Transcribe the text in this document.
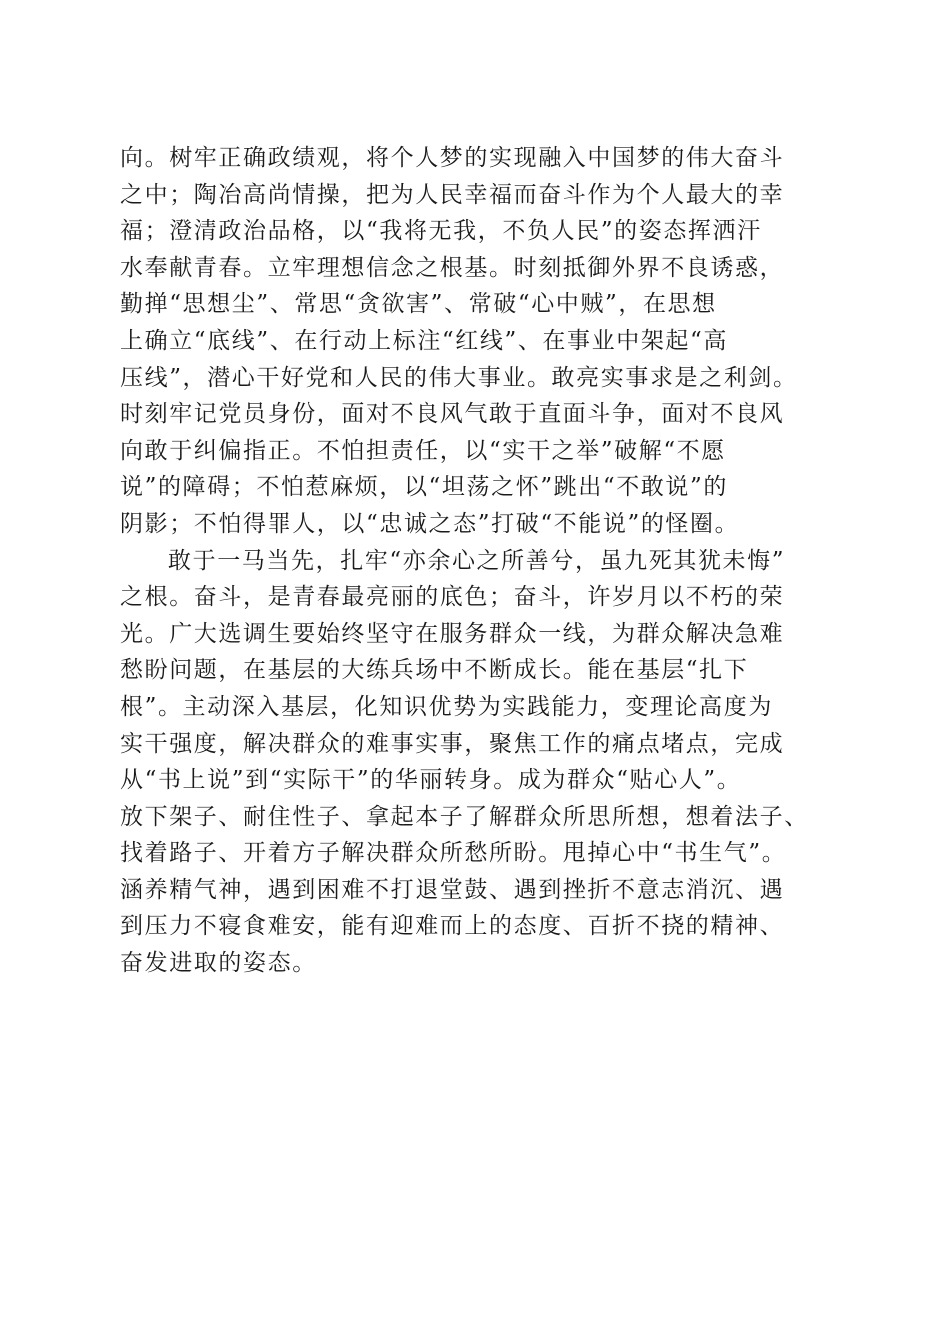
向。树牢正确政绩观，将个人梦的实现融入中国梦的伟大奋斗
之中；陶冶高尚情操，把为人民幸福而奋斗作为个人最大的幸
福；澄清政治品格，以“我将无我，不负人民”的姿态挥洒汗
水奉献青春。立牢理想信念之根基。时刻抵御外界不良诱惑，
勤掸“思想尘”、常思“贪欲害”、常破“心中贼”，在思想
上确立“底线”、在行动上标注“红线”、在事业中架起“高
压线”，潜心干好党和人民的伟大事业。敢亮实事求是之利剑。
时刻牢记党员身份，面对不良风气敢于直面斗争，面对不良风
向敢于纠偏指正。不怕担责任，以“实干之举”破解“不愿
说”的障碍；不怕惹麻烦，以“坦荡之怀”跳出“不敢说”的
阴影；不怕得罪人，以“忠诚之态”打破“不能说”的怪圈。
敢于一马当先，扎牢“亦余心之所善兮，虽九死其犹未悔”
之根。奋斗，是青春最亮丽的底色；奋斗，许岁月以不朽的荣
光。广大选调生要始终坚守在服务群众一线，为群众解决急难
愁盼问题，在基层的大练兵场中不断成长。能在基层“扎下
根”。主动深入基层，化知识优势为实践能力，变理论高度为
实干强度，解决群众的难事实事，聚焦工作的痛点堵点，完成
从“书上说”到“实际干”的华丽转身。成为群众“贴心人”。
放下架子、耐住性子、拿起本子了解群众所思所想，想着法子、
找着路子、开着方子解决群众所愁所盼。甩掉心中“书生气”。
涵养精气神，遇到困难不打退堂鼓、遇到挫折不意志消沉、遇
到压力不寝食难安，能有迎难而上的态度、百折不挠的精神、
奋发进取的姿态。
